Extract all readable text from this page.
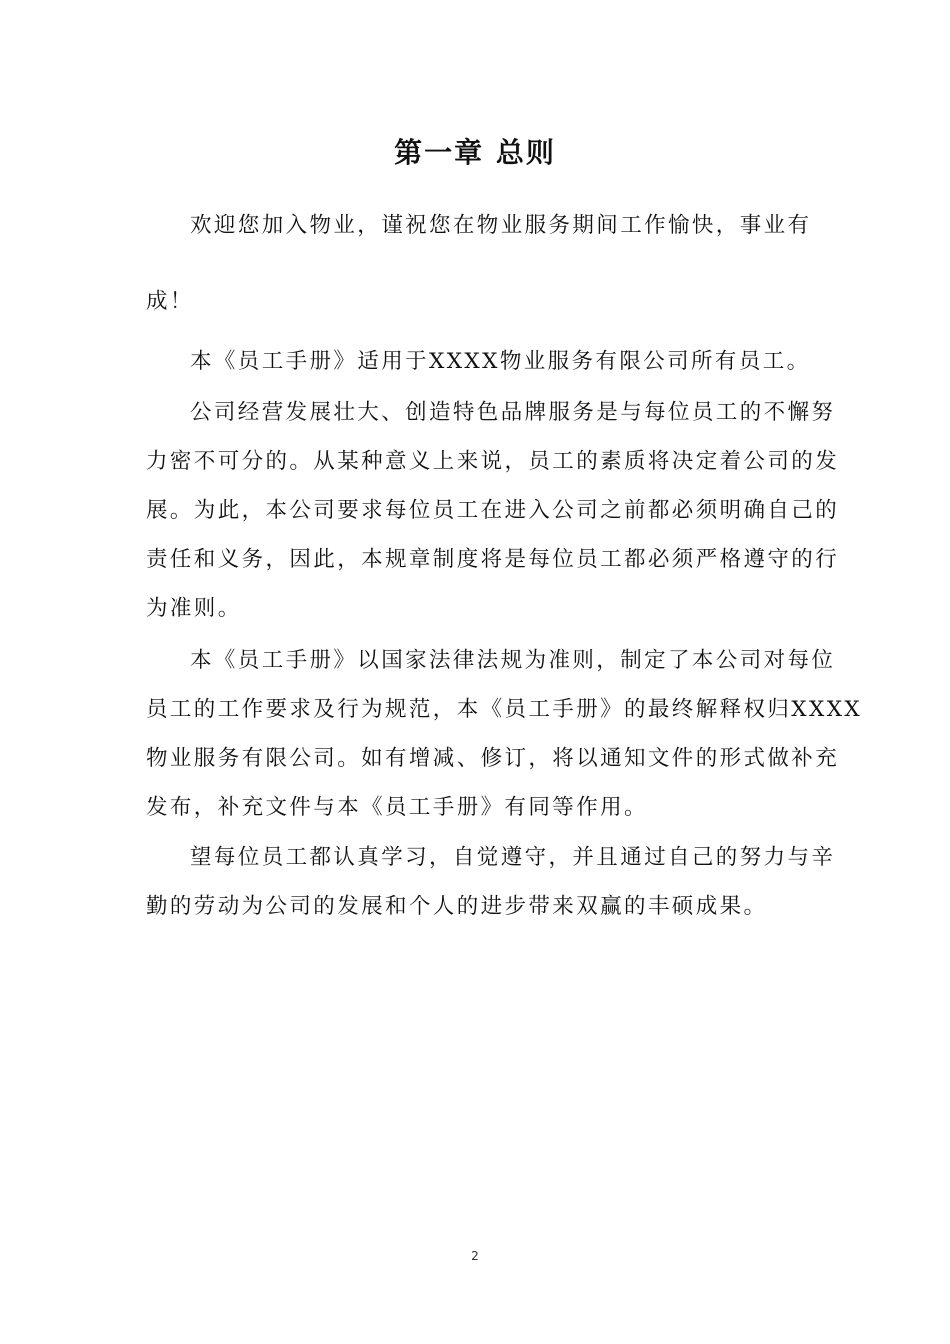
第一章 总则

欢迎您加入物业，谨祝您在物业服务期间工作愉快，事业有
成！

本《员工手册》适用于XXXX物业服务有限公司所有员工。

公司经营发展壮大、创造特色品牌服务是与每位员工的不懈努
力密不可分的。从某种意义上来说，员工的素质将决定着公司的发
展。为此，本公司要求每位员工在进入公司之前都必须明确自己的
责任和义务，因此，本规章制度将是每位员工都必须严格遵守的行
为准则。

本《员工手册》以国家法律法规为准则，制定了本公司对每位
员工的工作要求及行为规范，本《员工手册》的最终解释权归XXXX
物业服务有限公司。如有增减、修订，将以通知文件的形式做补充
发布，补充文件与本《员工手册》有同等作用。

望每位员工都认真学习，自觉遵守，并且通过自己的努力与辛
勤的劳动为公司的发展和个人的进步带来双赢的丰硕成果。

2
